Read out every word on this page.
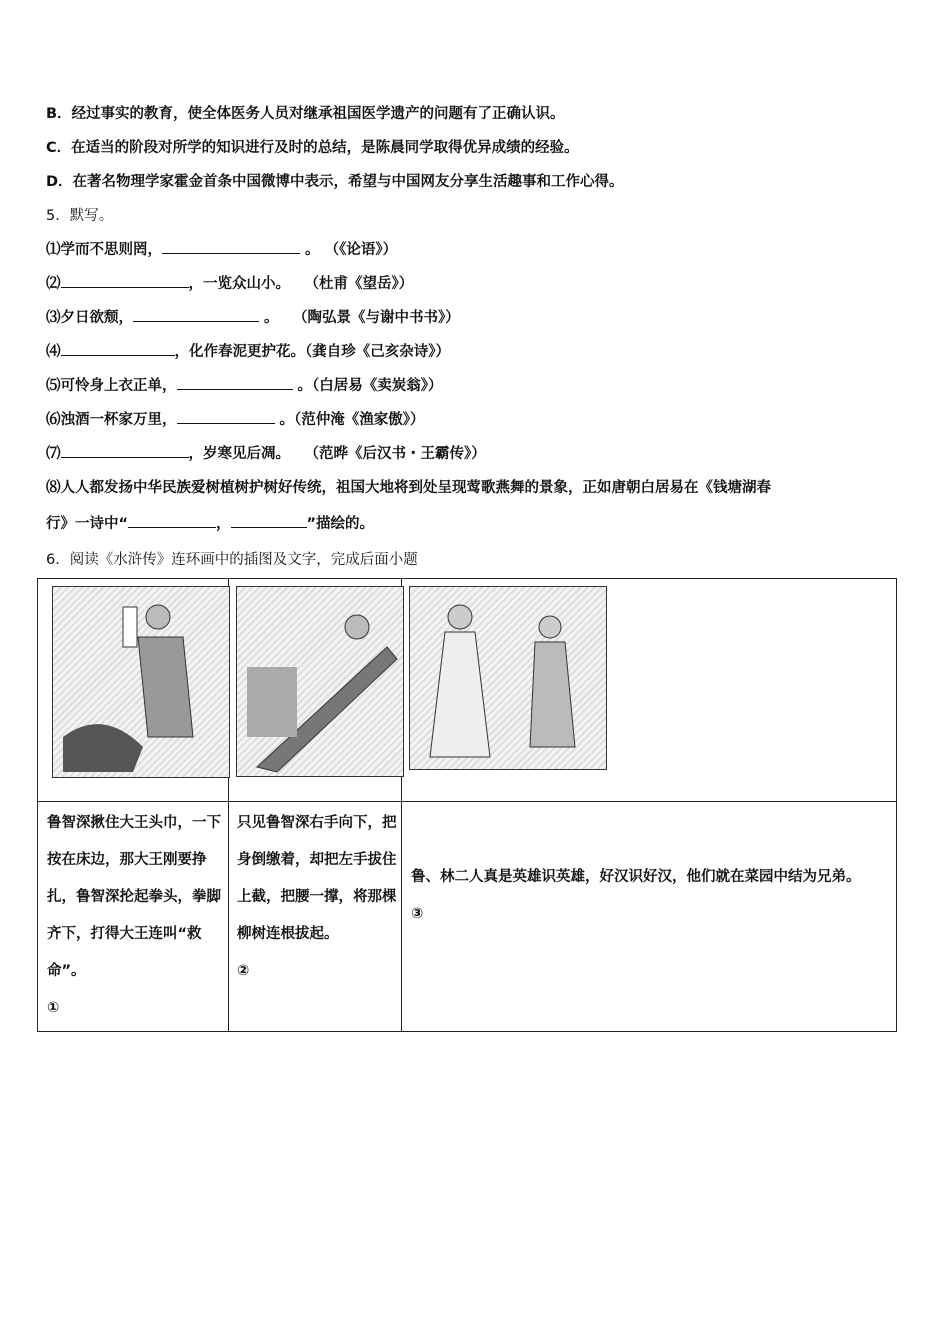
B．经过事实的教育，使全体医务人员对继承祖国医学遗产的问题有了正确认识。
C．在适当的阶段对所学的知识进行及时的总结，是陈晨同学取得优异成绩的经验。
D．在著名物理学家霍金首条中国微博中表示，希望与中国网友分享生活趣事和工作心得。
5．默写。
⑴学而不思则罔，	。 （《论语》）
⑵	，一览众山小。　　（杜甫《望岳》）
⑶夕日欲颓，	。　　（陶弘景《与谢中书书》）
⑷	，化作春泥更护花。（龚自珍《己亥杂诗》）
⑸可怜身上衣正单，	。（白居易《卖炭翁》）
⑹浊酒一杯家万里，	。（范仲淹《渔家傲》）
⑺	，岁寒见后凋。　　（范晔《后汉书・王霸传》）
⑻人人都发扬中华民族爱树植树护树好传统，祖国大地将到处呈现莺歌燕舞的景象，正如唐朝白居易在《钱塘湖春
行》一诗中“	，	”描绘的。
6．阅读《水浒传》连环画中的插图及文字，完成后面小题
鲁智深揪住大王头巾，一下按在床边，那大王刚要挣扎，鲁智深抡起拳头，拳脚齐下，打得大王连叫“救命”。
①
只见鲁智深右手向下，把身倒缴着，却把左手拔住上截，把腰一撑，将那棵柳树连根拔起。
②
鲁、林二人真是英雄识英雄，好汉识好汉，他们就在菜园中结为兄弟。
③
